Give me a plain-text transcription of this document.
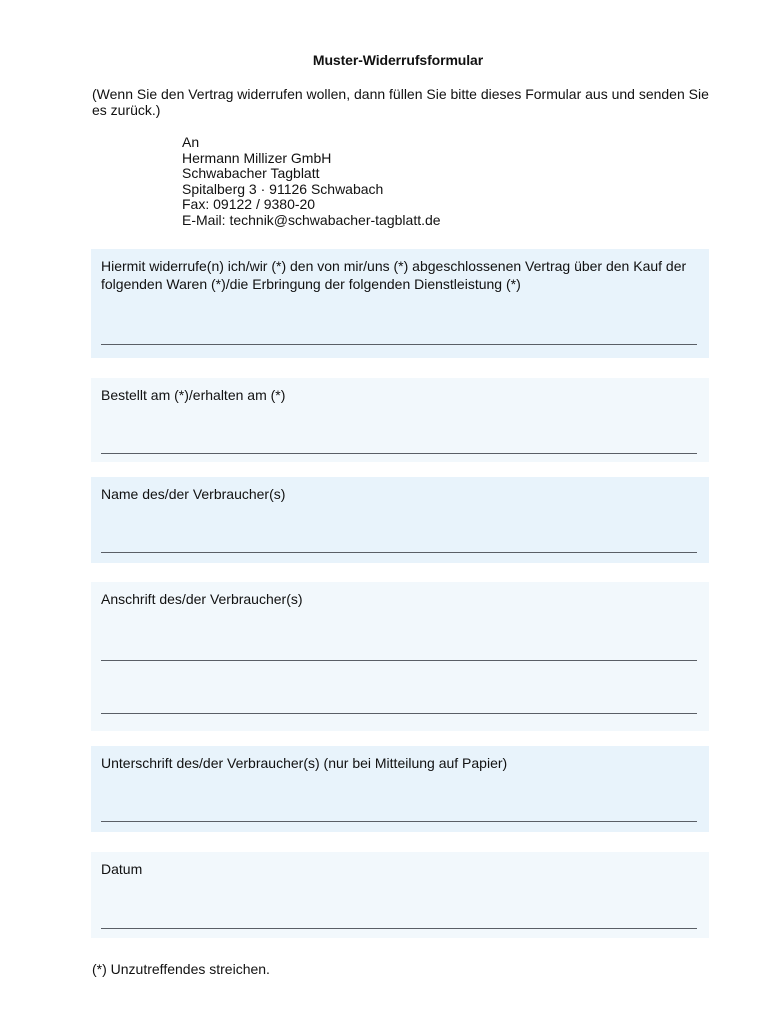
Muster-Widerrufsformular
(Wenn Sie den Vertrag widerrufen wollen, dann füllen Sie bitte dieses Formular aus und senden Sie es zurück.)
An
Hermann Millizer GmbH
Schwabacher Tagblatt
Spitalberg 3 · 91126 Schwabach
Fax: 09122 / 9380-20
E-Mail: technik@schwabacher-tagblatt.de
Hiermit widerrufe(n) ich/wir (*) den von mir/uns (*) abgeschlossenen Vertrag über den Kauf der folgenden Waren (*)/die Erbringung der folgenden Dienstleistung (*)
Bestellt am (*)/erhalten am (*)
Name des/der Verbraucher(s)
Anschrift des/der Verbraucher(s)
Unterschrift des/der Verbraucher(s) (nur bei Mitteilung auf Papier)
Datum
(*) Unzutreffendes streichen.
